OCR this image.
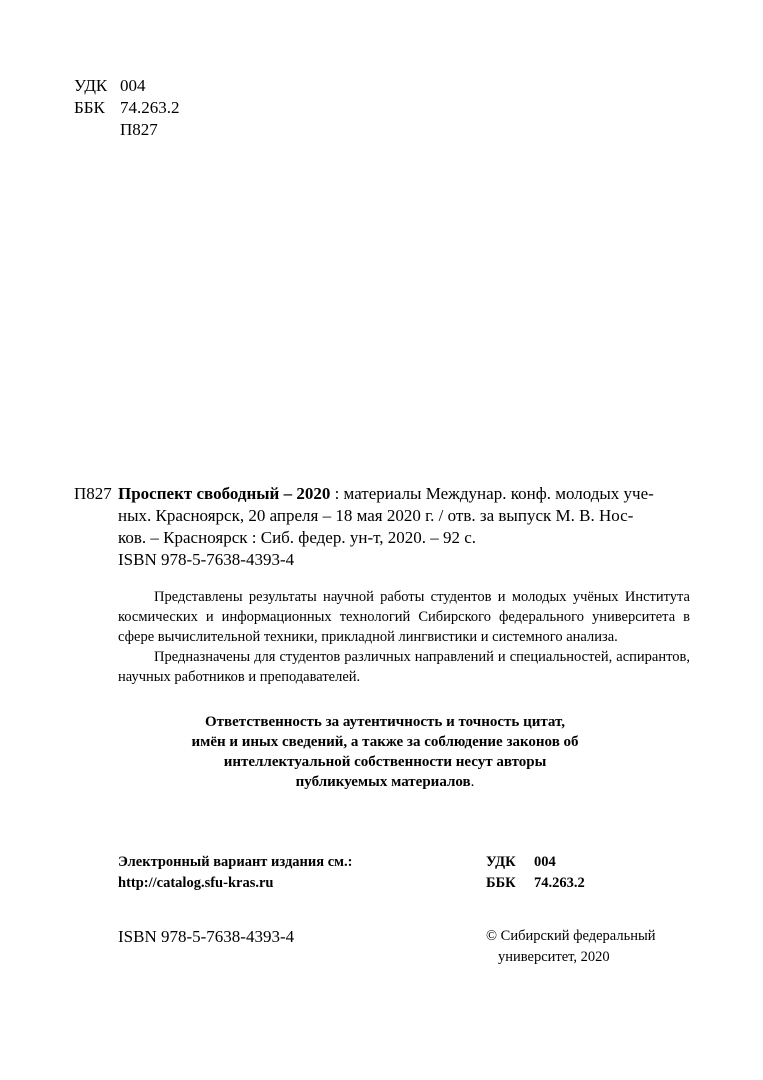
УДК 004
ББК 74.263.2
П827
П827 Проспект свободный – 2020 : материалы Междунар. конф. молодых уче-
ных. Красноярск, 20 апреля – 18 мая 2020 г. / отв. за выпуск М. В. Нос-
ков. – Красноярск : Сиб. федер. ун-т, 2020. – 92 с.
ISBN 978-5-7638-4393-4

Представлены результаты научной работы студентов и молодых учёных Института космических и информационных технологий Сибирского федерального университета в сфере вычислительной техники, прикладной лингвистики и системного анализа.

Предназначены для студентов различных направлений и специальностей, аспирантов, научных работников и преподавателей.

Ответственность за аутентичность и точность цитат,
имён и иных сведений, а также за соблюдение законов об
интеллектуальной собственности несут авторы
публикуемых материалов.
Электронный вариант издания см.:
http://catalog.sfu-kras.ru
УДК 004
ББК 74.263.2
ISBN 978-5-7638-4393-4	© Сибирский федеральный
университет, 2020
